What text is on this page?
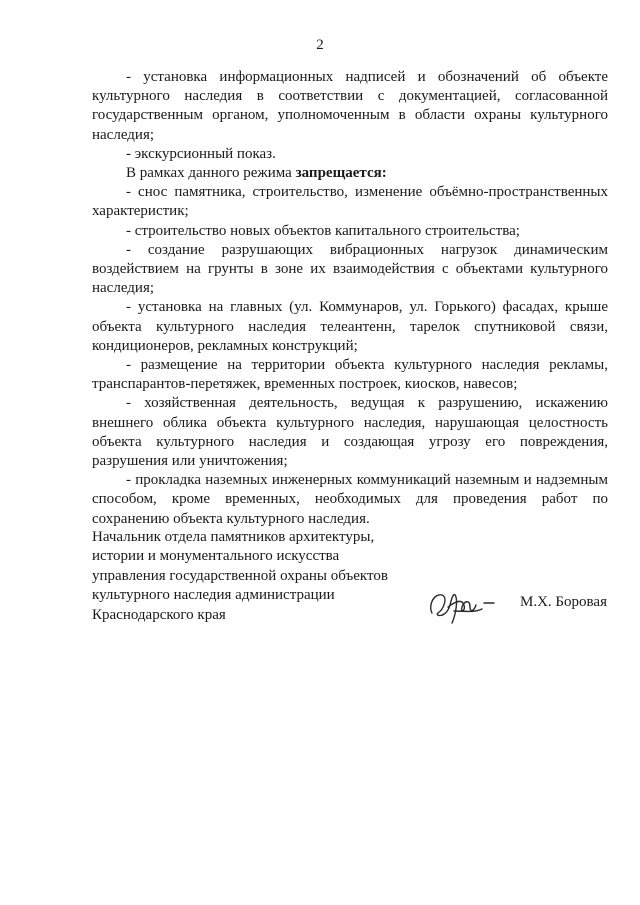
2

- установка информационных надписей и обозначений об объекте культурного наследия в соответствии с документацией, согласованной государственным органом, уполномоченным в области охраны культурного наследия;

- экскурсионный показ.

В рамках данного режима запрещается:

- снос памятника, строительство, изменение объёмно-пространственных характеристик;

- строительство новых объектов капитального строительства;

- создание разрушающих вибрационных нагрузок динамическим воздействием на грунты в зоне их взаимодействия с объектами культурного наследия;

- установка на главных (ул. Коммунаров, ул. Горького) фасадах, крыше объекта культурного наследия телеантенн, тарелок спутниковой связи, кондиционеров, рекламных конструкций;

- размещение на территории объекта культурного наследия рекламы, транспарантов-перетяжек, временных построек, киосков, навесов;

- хозяйственная деятельность, ведущая к разрушению, искажению внешнего облика объекта культурного наследия, нарушающая целостность объекта культурного наследия и создающая угрозу его повреждения, разрушения или уничтожения;

- прокладка наземных инженерных коммуникаций наземным и надземным способом, кроме временных, необходимых для проведения работ по сохранению объекта культурного наследия.

Начальник отдела памятников архитектуры,
истории и монументального искусства
управления государственной охраны объектов
культурного наследия администрации
Краснодарского края
М.Х. Боровая
